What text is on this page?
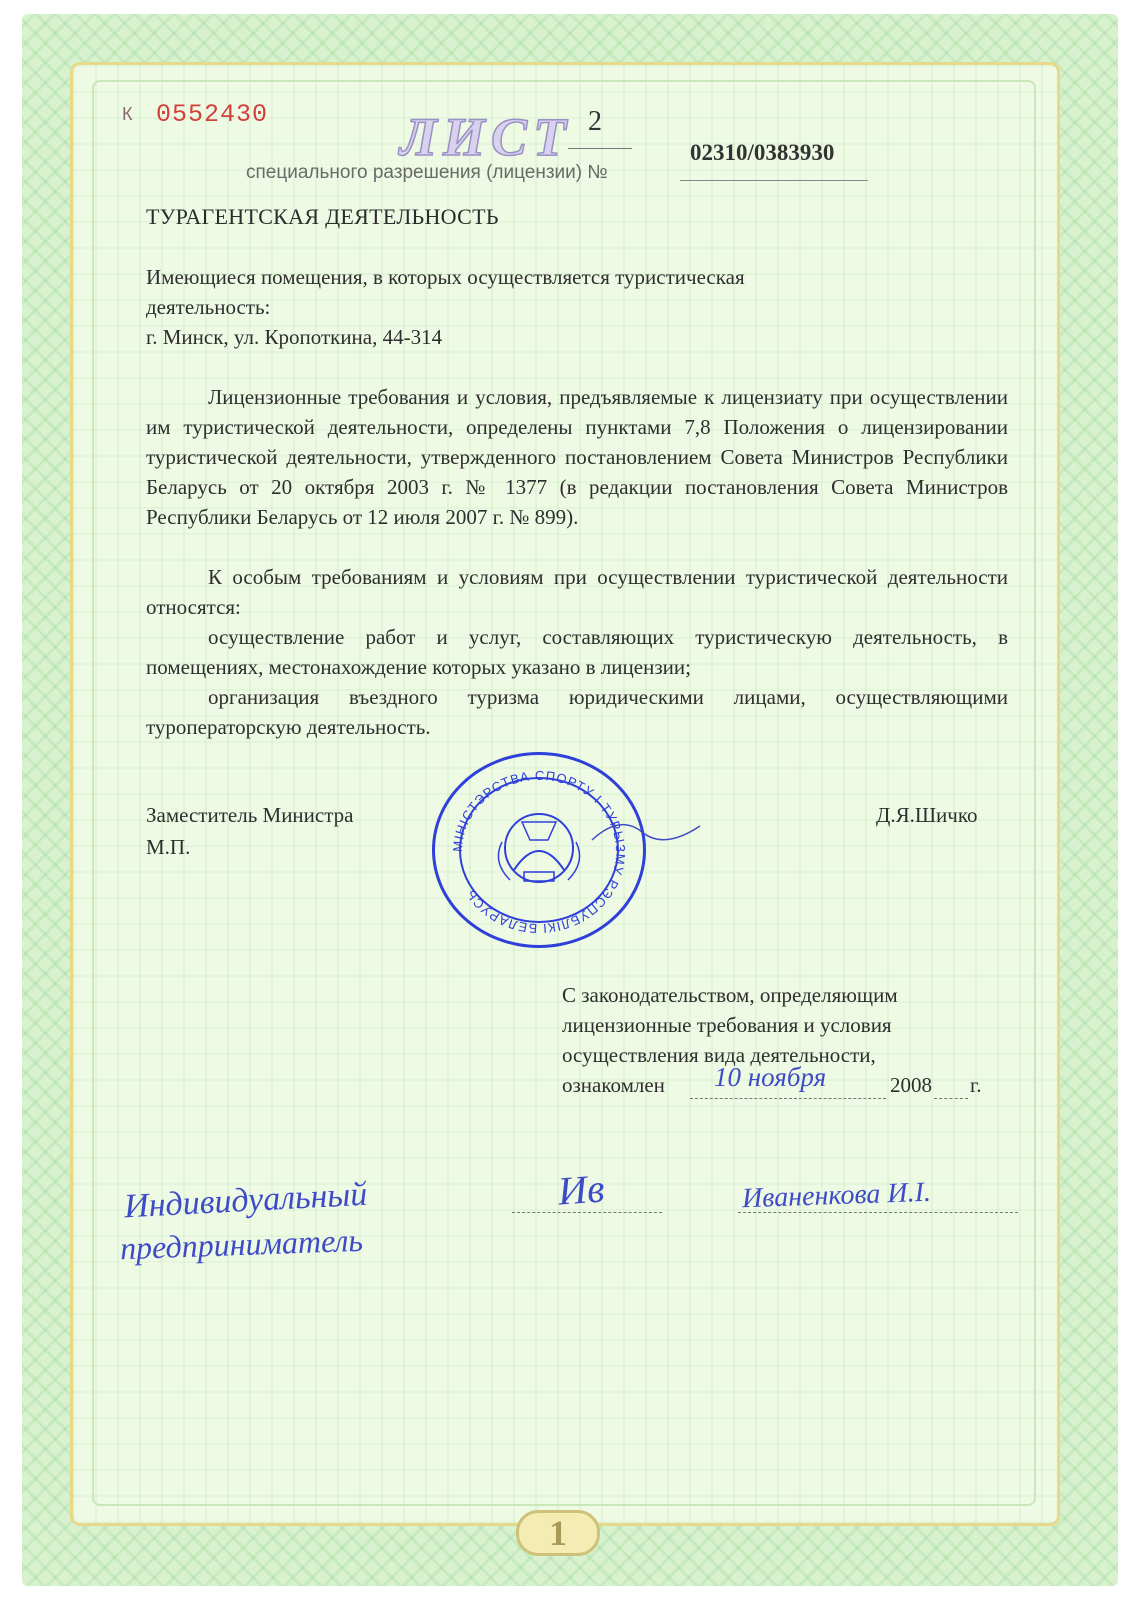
К 0552430 ЛИСТ 2
02310/0383930
специального разрешения (лицензии) №
ТУРАГЕНТСКАЯ ДЕЯТЕЛЬНОСТЬ
Имеющиеся помещения, в которых осуществляется туристическая
деятельность:
г. Минск, ул. Кропоткина, 44-314
Лицензионные требования и условия, предъявляемые к лицензиату при осуществлении им туристической деятельности, определены пунктами 7,8 Положения о лицензировании туристической деятельности, утвержденного постановлением Совета Министров Республики Беларусь от 20 октября 2003 г. № 1377 (в редакции постановления Совета Министров Республики Беларусь от 12 июля 2007 г. № 899).
К особым требованиям и условиям при осуществлении туристической деятельности относятся:
осуществление работ и услуг, составляющих туристическую деятельность, в помещениях, местонахождение которых указано в лицензии;
организация въездного туризма юридическими лицами, осуществляющими туроператорскую деятельность.
Заместитель Министра
М.П.
Д.Я.Шичко
МІНІСТЭРСТВА СПОРТУ І ТУРЫЗМУ РЭСПУБЛІКІ БЕЛАРУСЬ
С законодательством, определяющим
лицензионные требования и условия
осуществления вида деятельности,
ознакомлен 10 ноября	2008 г.
Индивидуальный
предприниматель
Ив	Иваненкова И.І.
1
